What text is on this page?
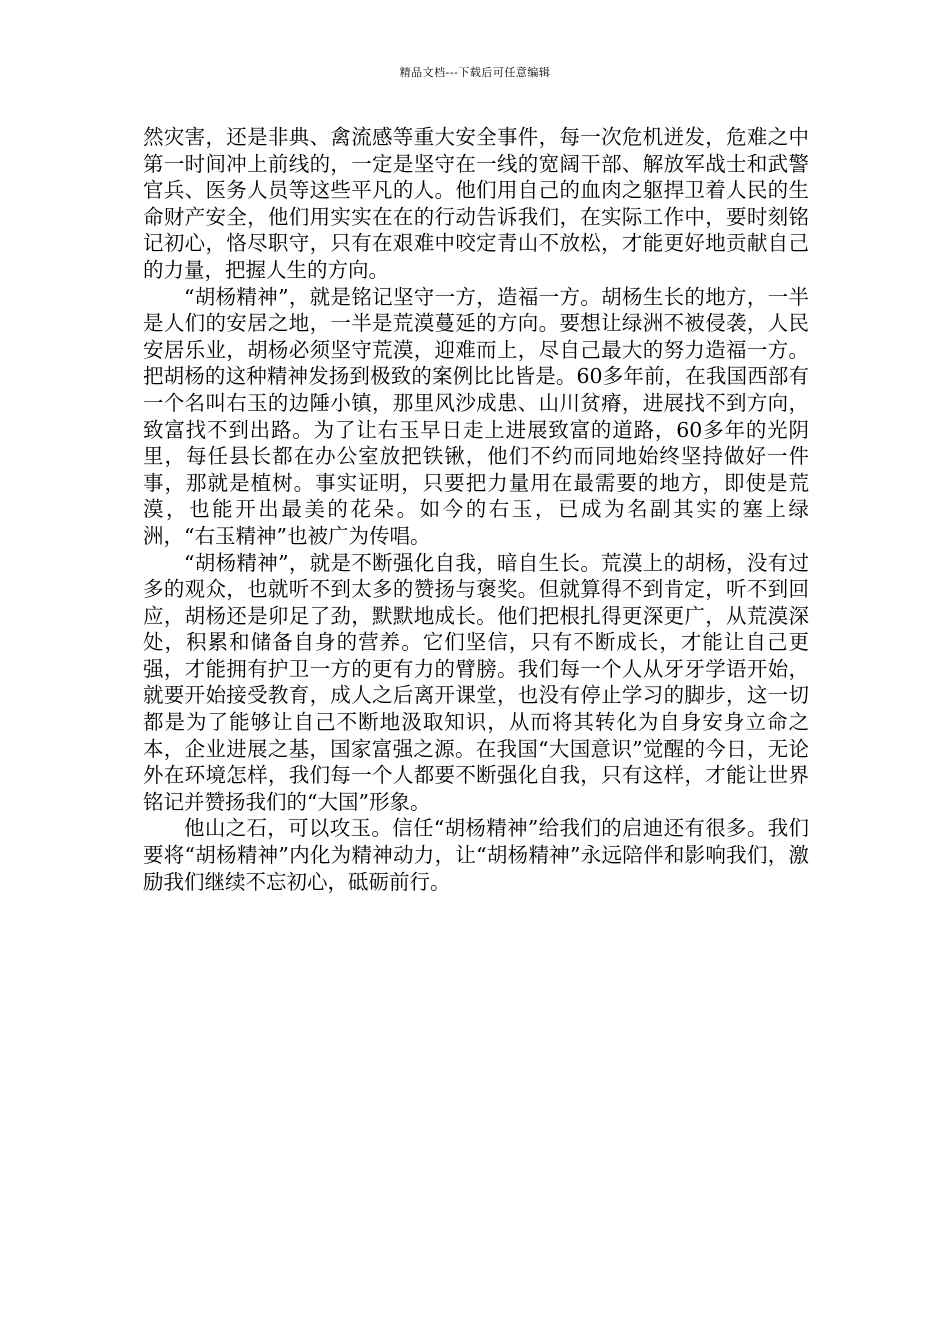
精品文档---下载后可任意编辑

然灾害，还是非典、禽流感等重大安全事件，每一次危机迸发，危难之中第一时间冲上前线的，一定是坚守在一线的宽阔干部、解放军战士和武警官兵、医务人员等这些平凡的人。他们用自己的血肉之躯捍卫着人民的生命财产安全，他们用实实在在的行动告诉我们，在实际工作中，要时刻铭记初心，恪尽职守，只有在艰难中咬定青山不放松，才能更好地贡献自己的力量，把握人生的方向。

“胡杨精神”，就是铭记坚守一方，造福一方。胡杨生长的地方，一半是人们的安居之地，一半是荒漠蔓延的方向。要想让绿洲不被侵袭，人民安居乐业，胡杨必须坚守荒漠，迎难而上，尽自己最大的努力造福一方。把胡杨的这种精神发扬到极致的案例比比皆是。60多年前，在我国西部有一个名叫右玉的边陲小镇，那里风沙成患、山川贫瘠，进展找不到方向，致富找不到出路。为了让右玉早日走上进展致富的道路，60多年的光阴里，每任县长都在办公室放把铁锹，他们不约而同地始终坚持做好一件事，那就是植树。事实证明，只要把力量用在最需要的地方，即使是荒漠，也能开出最美的花朵。如今的右玉，已成为名副其实的塞上绿洲，“右玉精神”也被广为传唱。

“胡杨精神”，就是不断强化自我，暗自生长。荒漠上的胡杨，没有过多的观众，也就听不到太多的赞扬与褒奖。但就算得不到肯定，听不到回应，胡杨还是卯足了劲，默默地成长。他们把根扎得更深更广，从荒漠深处，积累和储备自身的营养。它们坚信，只有不断成长，才能让自己更强，才能拥有护卫一方的更有力的臂膀。我们每一个人从牙牙学语开始，就要开始接受教育，成人之后离开课堂，也没有停止学习的脚步，这一切都是为了能够让自己不断地汲取知识，从而将其转化为自身安身立命之本，企业进展之基，国家富强之源。在我国“大国意识”觉醒的今日，无论外在环境怎样，我们每一个人都要不断强化自我，只有这样，才能让世界铭记并赞扬我们的“大国”形象。

他山之石，可以攻玉。信任“胡杨精神”给我们的启迪还有很多。我们要将“胡杨精神”内化为精神动力，让“胡杨精神”永远陪伴和影响我们，激励我们继续不忘初心，砥砺前行。
